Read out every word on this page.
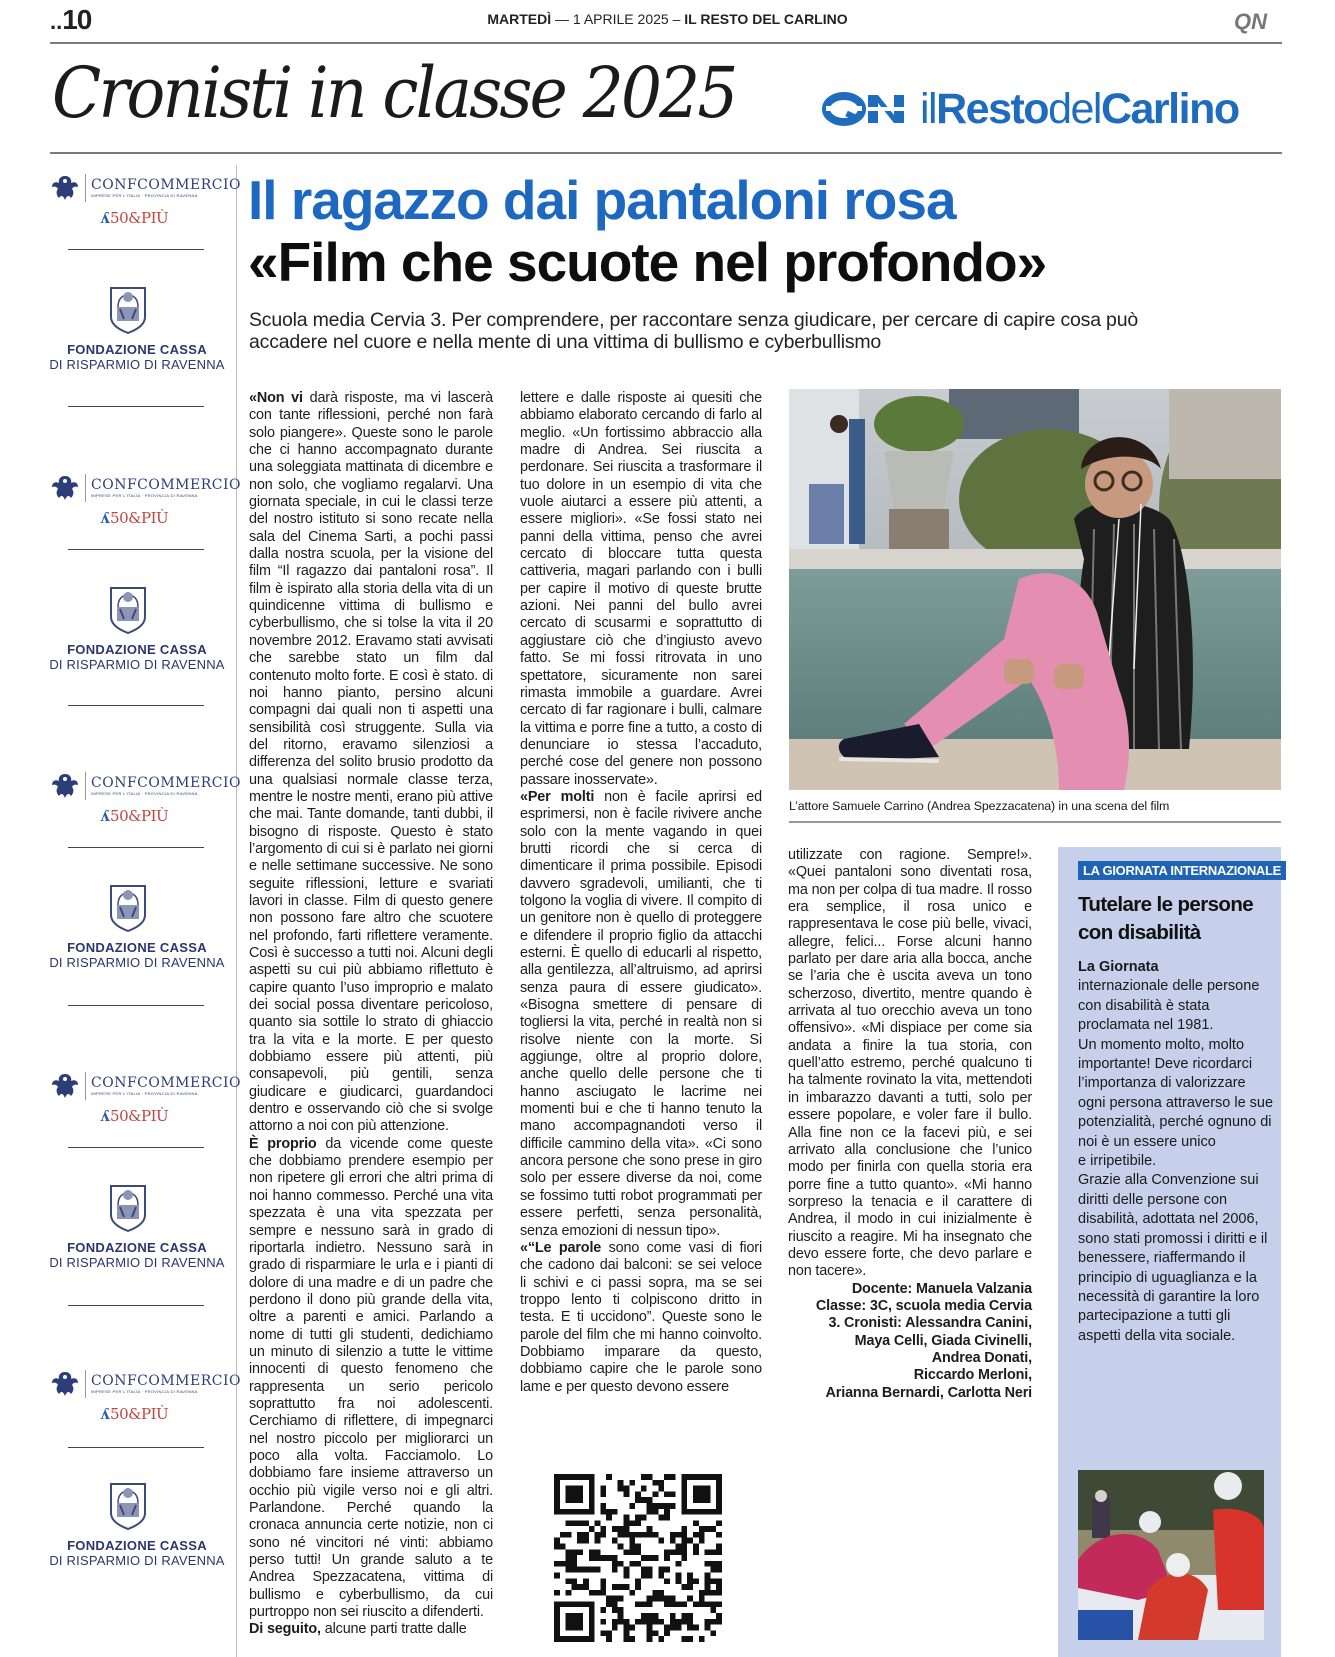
..10	MARTEDÌ — 1 APRILE 2025 – IL RESTO DEL CARLINO	QN
Cronisti in classe 2025	ilRestodelCarlino
CONFCOMMERCIO
IMPRESE PER L'ITALIA · PROVINCIA DI RAVENNA
ʎ50&PIÙ
CONFCOMMERCIO
IMPRESE PER L'ITALIA · PROVINCIA DI RAVENNA
ʎ50&PIÙ
CONFCOMMERCIO
IMPRESE PER L'ITALIA · PROVINCIA DI RAVENNA
ʎ50&PIÙ
CONFCOMMERCIO
IMPRESE PER L'ITALIA · PROVINCIA DI RAVENNA
ʎ50&PIÙ
CONFCOMMERCIO
IMPRESE PER L'ITALIA · PROVINCIA DI RAVENNA
ʎ50&PIÙ
FONDAZIONE CASSA
DI RISPARMIO DI RAVENNA
FONDAZIONE CASSA
DI RISPARMIO DI RAVENNA
FONDAZIONE CASSA
DI RISPARMIO DI RAVENNA
FONDAZIONE CASSA
DI RISPARMIO DI RAVENNA
FONDAZIONE CASSA
DI RISPARMIO DI RAVENNA
Il ragazzo dai pantaloni rosa
«Film che scuote nel profondo»

Scuola media Cervia 3. Per comprendere, per raccontare senza giudicare, per cercare di capire cosa può accadere nel cuore e nella mente di una vittima di bullismo e cyberbullismo

«Non vi darà risposte, ma vi lascerà con tante riflessioni, perché non farà solo piangere». Queste sono le parole che ci hanno accompagnato durante una soleggiata mattinata di dicembre e non solo, che vogliamo regalarvi. Una giornata speciale, in cui le classi terze del nostro istituto si sono recate nella sala del Cinema Sarti, a pochi passi dalla nostra scuola, per la visione del film “Il ragazzo dai pantaloni rosa”. Il film è ispirato alla storia della vita di un quindicenne vittima di bullismo e cyberbullismo, che si tolse la vita il 20 novembre 2012. Eravamo stati avvisati che sarebbe stato un film dal contenuto molto forte. E così è stato. di noi hanno pianto, persino alcuni compagni dai quali non ti aspetti una sensibilità così struggente. Sulla via del ritorno, eravamo silenziosi a differenza del solito brusio prodotto da una qualsiasi normale classe terza, mentre le nostre menti, erano più attive che mai. Tante domande, tanti dubbi, il bisogno di risposte. Questo è stato l’argomento di cui si è parlato nei giorni e nelle settimane successive. Ne sono seguite riflessioni, letture e svariati lavori in classe. Film di questo genere non possono fare altro che scuotere nel profondo, farti riflettere veramente. Così è successo a tutti noi. Alcuni degli aspetti su cui più abbiamo riflettuto è capire quanto l’uso improprio e malato dei social possa diventare pericoloso, quanto sia sottile lo strato di ghiaccio tra la vita e la morte. E per questo dobbiamo essere più attenti, più consapevoli, più gentili, senza giudicare e giudicarci, guardandoci dentro e osservando ciò che si svolge attorno a noi con più attenzione.

È proprio da vicende come queste che dobbiamo prendere esempio per non ripetere gli errori che altri prima di noi hanno commesso. Perché una vita spezzata è una vita spezzata per sempre e nessuno sarà in grado di riportarla indietro. Nessuno sarà in grado di risparmiare le urla e i pianti di dolore di una madre e di un padre che perdono il dono più grande della vita, oltre a parenti e amici. Parlando a nome di tutti gli studenti, dedichiamo un minuto di silenzio a tutte le vittime innocenti di questo fenomeno che rappresenta un serio pericolo soprattutto fra noi adolescenti. Cerchiamo di riflettere, di impegnarci nel nostro piccolo per migliorarci un poco alla volta. Facciamolo. Lo dobbiamo fare insieme attraverso un occhio più vigile verso noi e gli altri. Parlandone. Perché quando la cronaca annuncia certe notizie, non ci sono né vincitori né vinti: abbiamo perso tutti! Un grande saluto a te Andrea Spezzacatena, vittima di bullismo e cyberbullismo, da cui purtroppo non sei riuscito a difenderti.

Di seguito, alcune parti tratte dalle

lettere e dalle risposte ai quesiti che abbiamo elaborato cercando di farlo al meglio. «Un fortissimo abbraccio alla madre di Andrea. Sei riuscita a perdonare. Sei riuscita a trasformare il tuo dolore in un esempio di vita che vuole aiutarci a essere più attenti, a essere migliori». «Se fossi stato nei panni della vittima, penso che avrei cercato di bloccare tutta questa cattiveria, magari parlando con i bulli per capire il motivo di queste brutte azioni. Nei panni del bullo avrei cercato di scusarmi e soprattutto di aggiustare ciò che d’ingiusto avevo fatto. Se mi fossi ritrovata in uno spettatore, sicuramente non sarei rimasta immobile a guardare. Avrei cercato di far ragionare i bulli, calmare la vittima e porre fine a tutto, a costo di denunciare io stessa l’accaduto, perché cose del genere non possono passare inosservate».

«Per molti non è facile aprirsi ed esprimersi, non è facile rivivere anche solo con la mente vagando in quei brutti ricordi che si cerca di dimenticare il prima possibile. Episodi davvero sgradevoli, umilianti, che ti tolgono la voglia di vivere. Il compito di un genitore non è quello di proteggere e difendere il proprio figlio da attacchi esterni. È quello di educarli al rispetto, alla gentilezza, all’altruismo, ad aprirsi senza paura di essere giudicato». «Bisogna smettere di pensare di togliersi la vita, perché in realtà non si risolve niente con la morte. Si aggiunge, oltre al proprio dolore, anche quello delle persone che ti hanno asciugato le lacrime nei momenti bui e che ti hanno tenuto la mano accompagnandoti verso il difficile cammino della vita». «Ci sono ancora persone che sono prese in giro solo per essere diverse da noi, come se fossimo tutti robot programmati per essere perfetti, senza personalità, senza emozioni di nessun tipo».

«“Le parole sono come vasi di fiori che cadono dai balconi: se sei veloce li schivi e ci passi sopra, ma se sei troppo lento ti colpiscono dritto in testa. E ti uccidono”. Queste sono le parole del film che mi hanno coinvolto. Dobbiamo imparare da questo, dobbiamo capire che le parole sono lame e per questo devono essere

utilizzate con ragione. Sempre!». «Quei pantaloni sono diventati rosa, ma non per colpa di tua madre. Il rosso era semplice, il rosa unico e rappresentava le cose più belle, vivaci, allegre, felici... Forse alcuni hanno parlato per dare aria alla bocca, anche se l’aria che è uscita aveva un tono scherzoso, divertito, mentre quando è arrivata al tuo orecchio aveva un tono offensivo». «Mi dispiace per come sia andata a finire la tua storia, con quell’atto estremo, perché qualcuno ti ha talmente rovinato la vita, mettendoti in imbarazzo davanti a tutti, solo per essere popolare, e voler fare il bullo. Alla fine non ce la facevi più, e sei arrivato alla conclusione che l’unico modo per finirla con quella storia era porre fine a tutto quanto». «Mi hanno sorpreso la tenacia e il carattere di Andrea, il modo in cui inizialmente è riuscito a reagire. Mi ha insegnato che devo essere forte, che devo parlare e non tacere».

Docente: Manuela Valzania
Classe: 3C, scuola media Cervia
3. Cronisti: Alessandra Canini,
Maya Celli, Giada Civinelli,
Andrea Donati,
Riccardo Merloni,
Arianna Bernardi, Carlotta Neri
L’attore Samuele Carrino (Andrea Spezzacatena) in una scena del film
LA GIORNATA INTERNAZIONALE
Tutelare le persone con disabilità
La Giornata
internazionale delle persone con disabilità è stata proclamata nel 1981.
Un momento molto, molto importante! Deve ricordarci l’importanza di valorizzare
ogni persona attraverso le sue potenzialità, perché ognuno di noi è un essere unico
e irripetibile.
Grazie alla Convenzione sui diritti delle persone con disabilità, adottata nel 2006, sono stati promossi i diritti e il benessere, riaffermando il principio di uguaglianza e la necessità di garantire la loro partecipazione a tutti gli aspetti della vita sociale.
